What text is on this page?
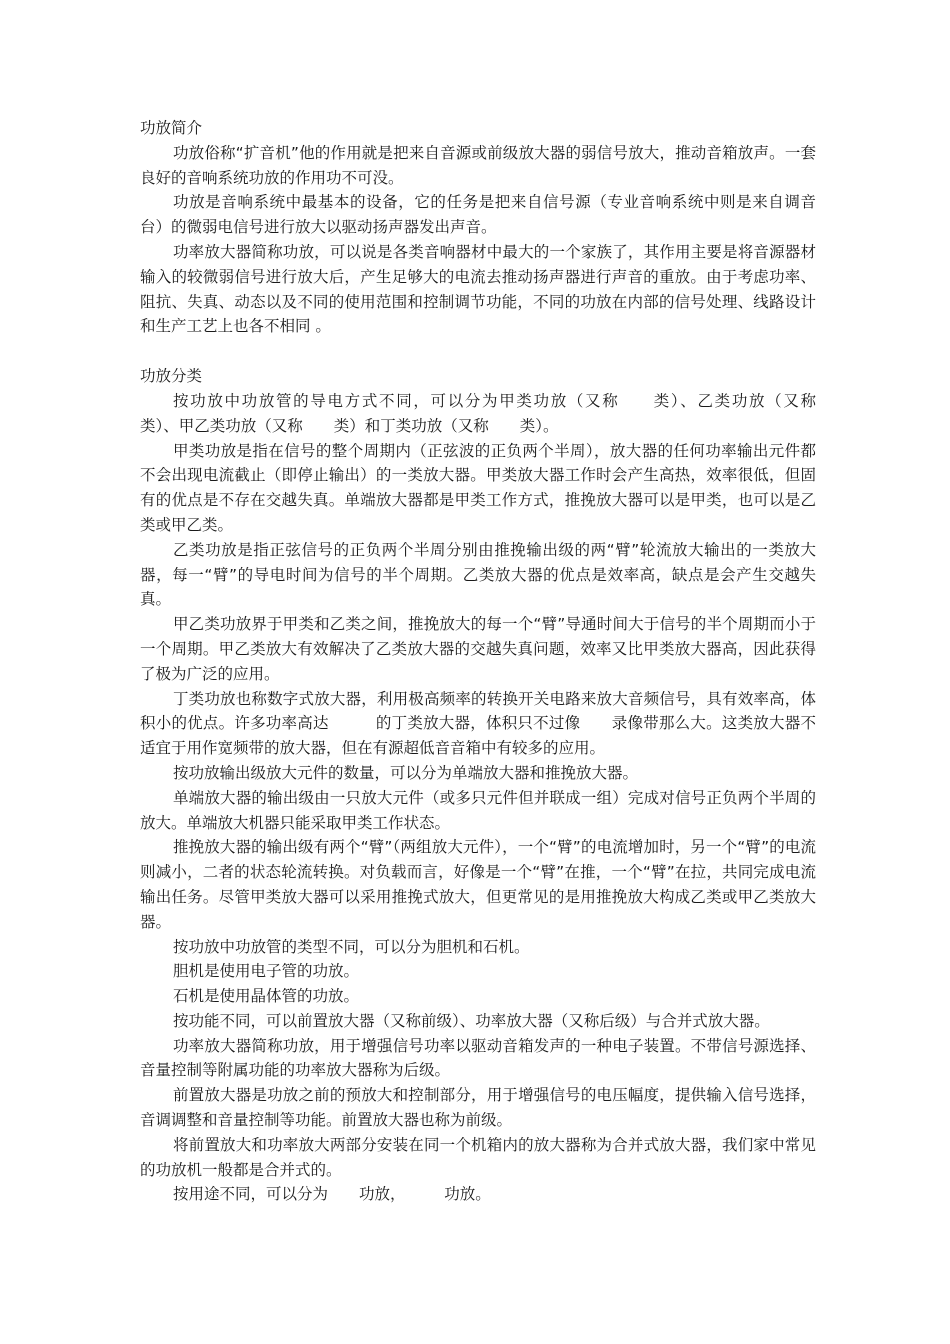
功放简介

功放俗称“扩音机”他的作用就是把来自音源或前级放大器的弱信号放大，推动音箱放声。一套良好的音响系统功放的作用功不可没。

功放是音响系统中最基本的设备，它的任务是把来自信号源（专业音响系统中则是来自调音台）的微弱电信号进行放大以驱动扬声器发出声音。

功率放大器简称功放，可以说是各类音响器材中最大的一个家族了，其作用主要是将音源器材输入的较微弱信号进行放大后，产生足够大的电流去推动扬声器进行声音的重放。由于考虑功率、阻抗、失真、动态以及不同的使用范围和控制调节功能，不同的功放在内部的信号处理、线路设计和生产工艺上也各不相同 。

功放分类

按功放中功放管的导电方式不同，可以分为甲类功放（又称　　类）、乙类功放（又称　　类）、甲乙类功放（又称　　类）和丁类功放（又称　　类）。

甲类功放是指在信号的整个周期内（正弦波的正负两个半周），放大器的任何功率输出元件都不会出现电流截止（即停止输出）的一类放大器。甲类放大器工作时会产生高热，效率很低，但固有的优点是不存在交越失真。单端放大器都是甲类工作方式，推挽放大器可以是甲类，也可以是乙类或甲乙类。

乙类功放是指正弦信号的正负两个半周分别由推挽输出级的两“臂”轮流放大输出的一类放大器，每一“臂”的导电时间为信号的半个周期。乙类放大器的优点是效率高，缺点是会产生交越失真。

甲乙类功放界于甲类和乙类之间，推挽放大的每一个“臂”导通时间大于信号的半个周期而小于一个周期。甲乙类放大有效解决了乙类放大器的交越失真问题，效率又比甲类放大器高，因此获得了极为广泛的应用。

丁类功放也称数字式放大器，利用极高频率的转换开关电路来放大音频信号，具有效率高，体积小的优点。许多功率高达　　　的丁类放大器，体积只不过像　　录像带那么大。这类放大器不适宜于用作宽频带的放大器，但在有源超低音音箱中有较多的应用。

按功放输出级放大元件的数量，可以分为单端放大器和推挽放大器。

单端放大器的输出级由一只放大元件（或多只元件但并联成一组）完成对信号正负两个半周的放大。单端放大机器只能采取甲类工作状态。

推挽放大器的输出级有两个“臂”（两组放大元件），一个“臂”的电流增加时，另一个“臂”的电流则减小，二者的状态轮流转换。对负载而言，好像是一个“臂”在推，一个“臂”在拉，共同完成电流输出任务。尽管甲类放大器可以采用推挽式放大，但更常见的是用推挽放大构成乙类或甲乙类放大器。

按功放中功放管的类型不同，可以分为胆机和石机。

胆机是使用电子管的功放。

石机是使用晶体管的功放。

按功能不同，可以前置放大器（又称前级）、功率放大器（又称后级）与合并式放大器。

功率放大器简称功放，用于增强信号功率以驱动音箱发声的一种电子装置。不带信号源选择、音量控制等附属功能的功率放大器称为后级。

前置放大器是功放之前的预放大和控制部分，用于增强信号的电压幅度，提供输入信号选择，音调调整和音量控制等功能。前置放大器也称为前级。

将前置放大和功率放大两部分安装在同一个机箱内的放大器称为合并式放大器，我们家中常见的功放机一般都是合并式的。

按用途不同，可以分为　　功放，　　　功放。
